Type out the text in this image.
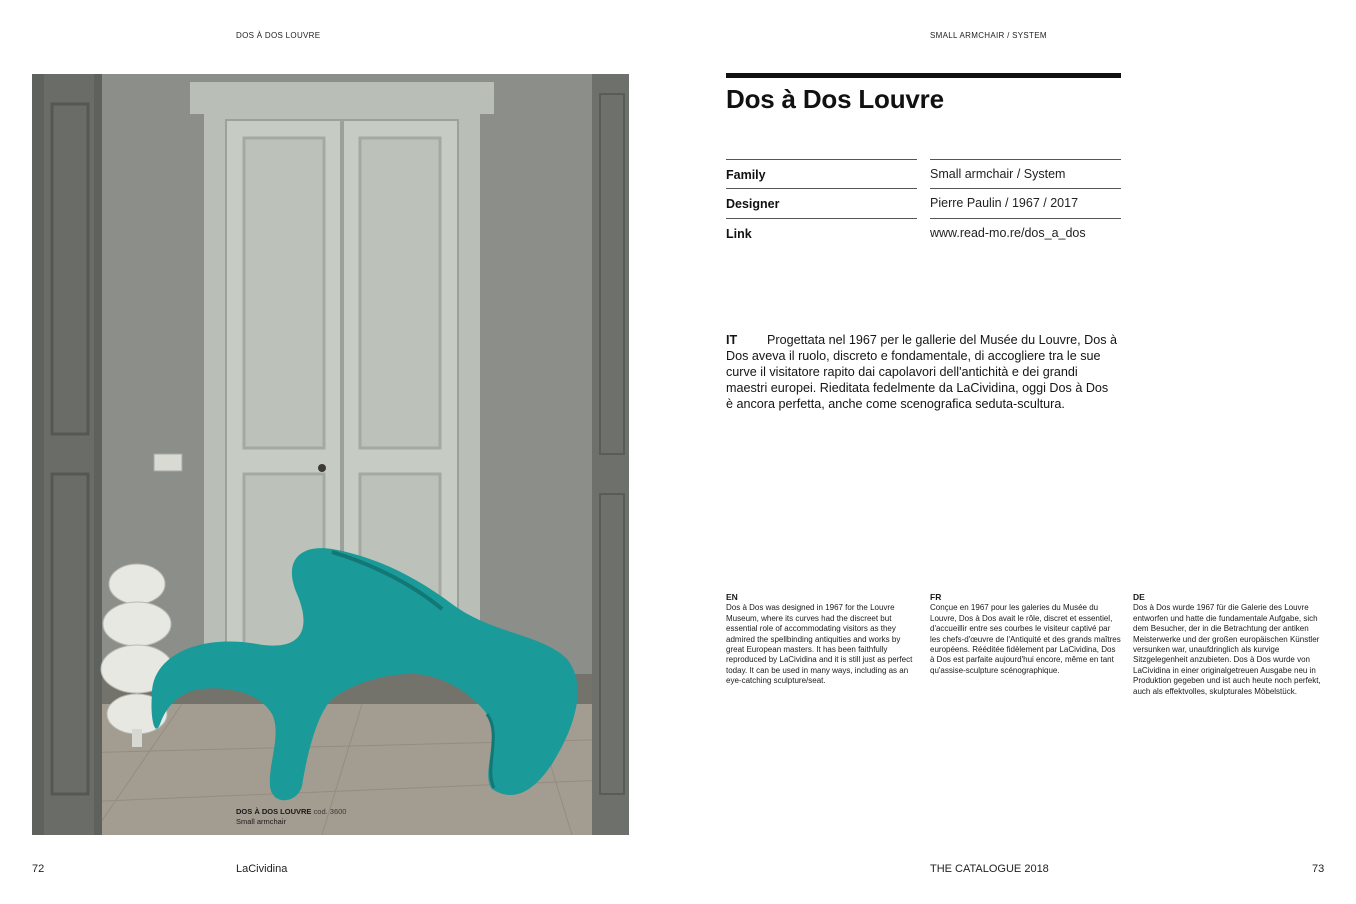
DOS À DOS LOUVRE	SMALL ARMCHAIR / SYSTEM
DOS À DOS LOUVRE cod. 3600
Small armchair
Dos à Dos Louvre
Family	Small armchair / System
Designer	Pierre Paulin / 1967 / 2017
Link	www.read-mo.re/dos_a_dos
IT Progettata nel 1967 per le gallerie del Musée du Louvre, Dos à Dos aveva il ruolo, discreto e fondamentale, di accogliere tra le sue curve il visitatore rapito dai capolavori dell'antichità e dei grandi maestri europei. Rieditata fedelmente da LaCividina, oggi Dos à Dos è ancora perfetta, anche come scenografica seduta-scultura.
EN
Dos à Dos was designed in 1967 for the Louvre Museum, where its curves had the discreet but essential role of accommodating visitors as they admired the spellbinding antiquities and works by great European masters. It has been faithfully reproduced by LaCividina and it is still just as perfect today. It can be used in many ways, including as an eye-catching sculpture/seat.
FR
Conçue en 1967 pour les galeries du Musée du Louvre, Dos à Dos avait le rôle, discret et essentiel, d'accueillir entre ses courbes le visiteur captivé par les chefs-d'œuvre de l'Antiquité et des grands maîtres européens. Rééditée fidèlement par LaCividina, Dos à Dos est parfaite aujourd'hui encore, même en tant qu'assise-sculpture scénographique.
DE
Dos à Dos wurde 1967 für die Galerie des Louvre entworfen und hatte die fundamentale Aufgabe, sich dem Besucher, der in die Betrachtung der antiken Meisterwerke und der großen europäischen Künstler versunken war, unaufdringlich als kurvige Sitzgelegenheit anzubieten. Dos à Dos wurde von LaCividina in einer originalgetreuen Ausgabe neu in Produktion gegeben und ist auch heute noch perfekt, auch als effektvolles, skulpturales Möbelstück.
72	LaCividina	THE CATALOGUE 2018	73
